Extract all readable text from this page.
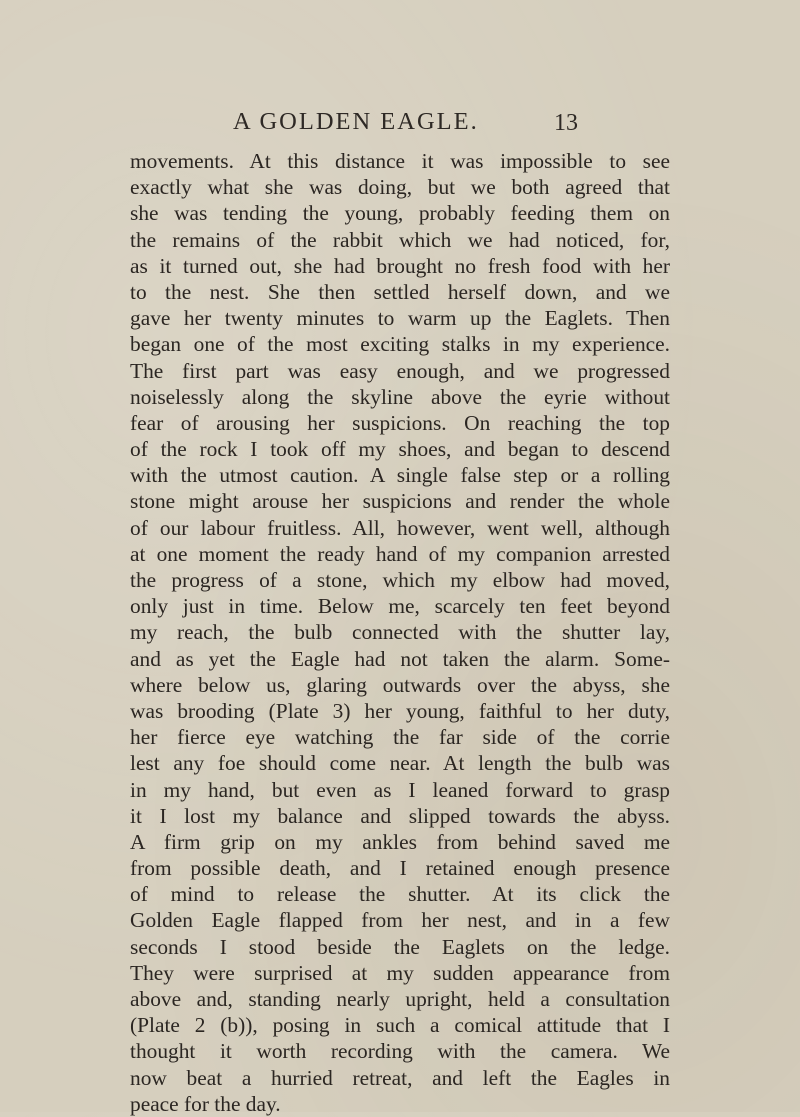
A GOLDEN EAGLE.	13
movements. At this distance it was impossible to see
exactly what she was doing, but we both agreed that
she was tending the young, probably feeding them on
the remains of the rabbit which we had noticed, for,
as it turned out, she had brought no fresh food with her
to the nest. She then settled herself down, and we
gave her twenty minutes to warm up the Eaglets. Then
began one of the most exciting stalks in my experience.
The first part was easy enough, and we progressed
noiselessly along the skyline above the eyrie without
fear of arousing her suspicions. On reaching the top
of the rock I took off my shoes, and began to descend
with the utmost caution. A single false step or a rolling
stone might arouse her suspicions and render the whole
of our labour fruitless. All, however, went well, although
at one moment the ready hand of my companion arrested
the progress of a stone, which my elbow had moved,
only just in time. Below me, scarcely ten feet beyond
my reach, the bulb connected with the shutter lay,
and as yet the Eagle had not taken the alarm. Some-
where below us, glaring outwards over the abyss, she
was brooding (Plate 3) her young, faithful to her duty,
her fierce eye watching the far side of the corrie
lest any foe should come near. At length the bulb was
in my hand, but even as I leaned forward to grasp
it I lost my balance and slipped towards the abyss.
A firm grip on my ankles from behind saved me
from possible death, and I retained enough presence
of mind to release the shutter. At its click the
Golden Eagle flapped from her nest, and in a few
seconds I stood beside the Eaglets on the ledge.
They were surprised at my sudden appearance from
above and, standing nearly upright, held a consultation
(Plate 2 (b)), posing in such a comical attitude that I
thought it worth recording with the camera. We
now beat a hurried retreat, and left the Eagles in
peace for the day.
